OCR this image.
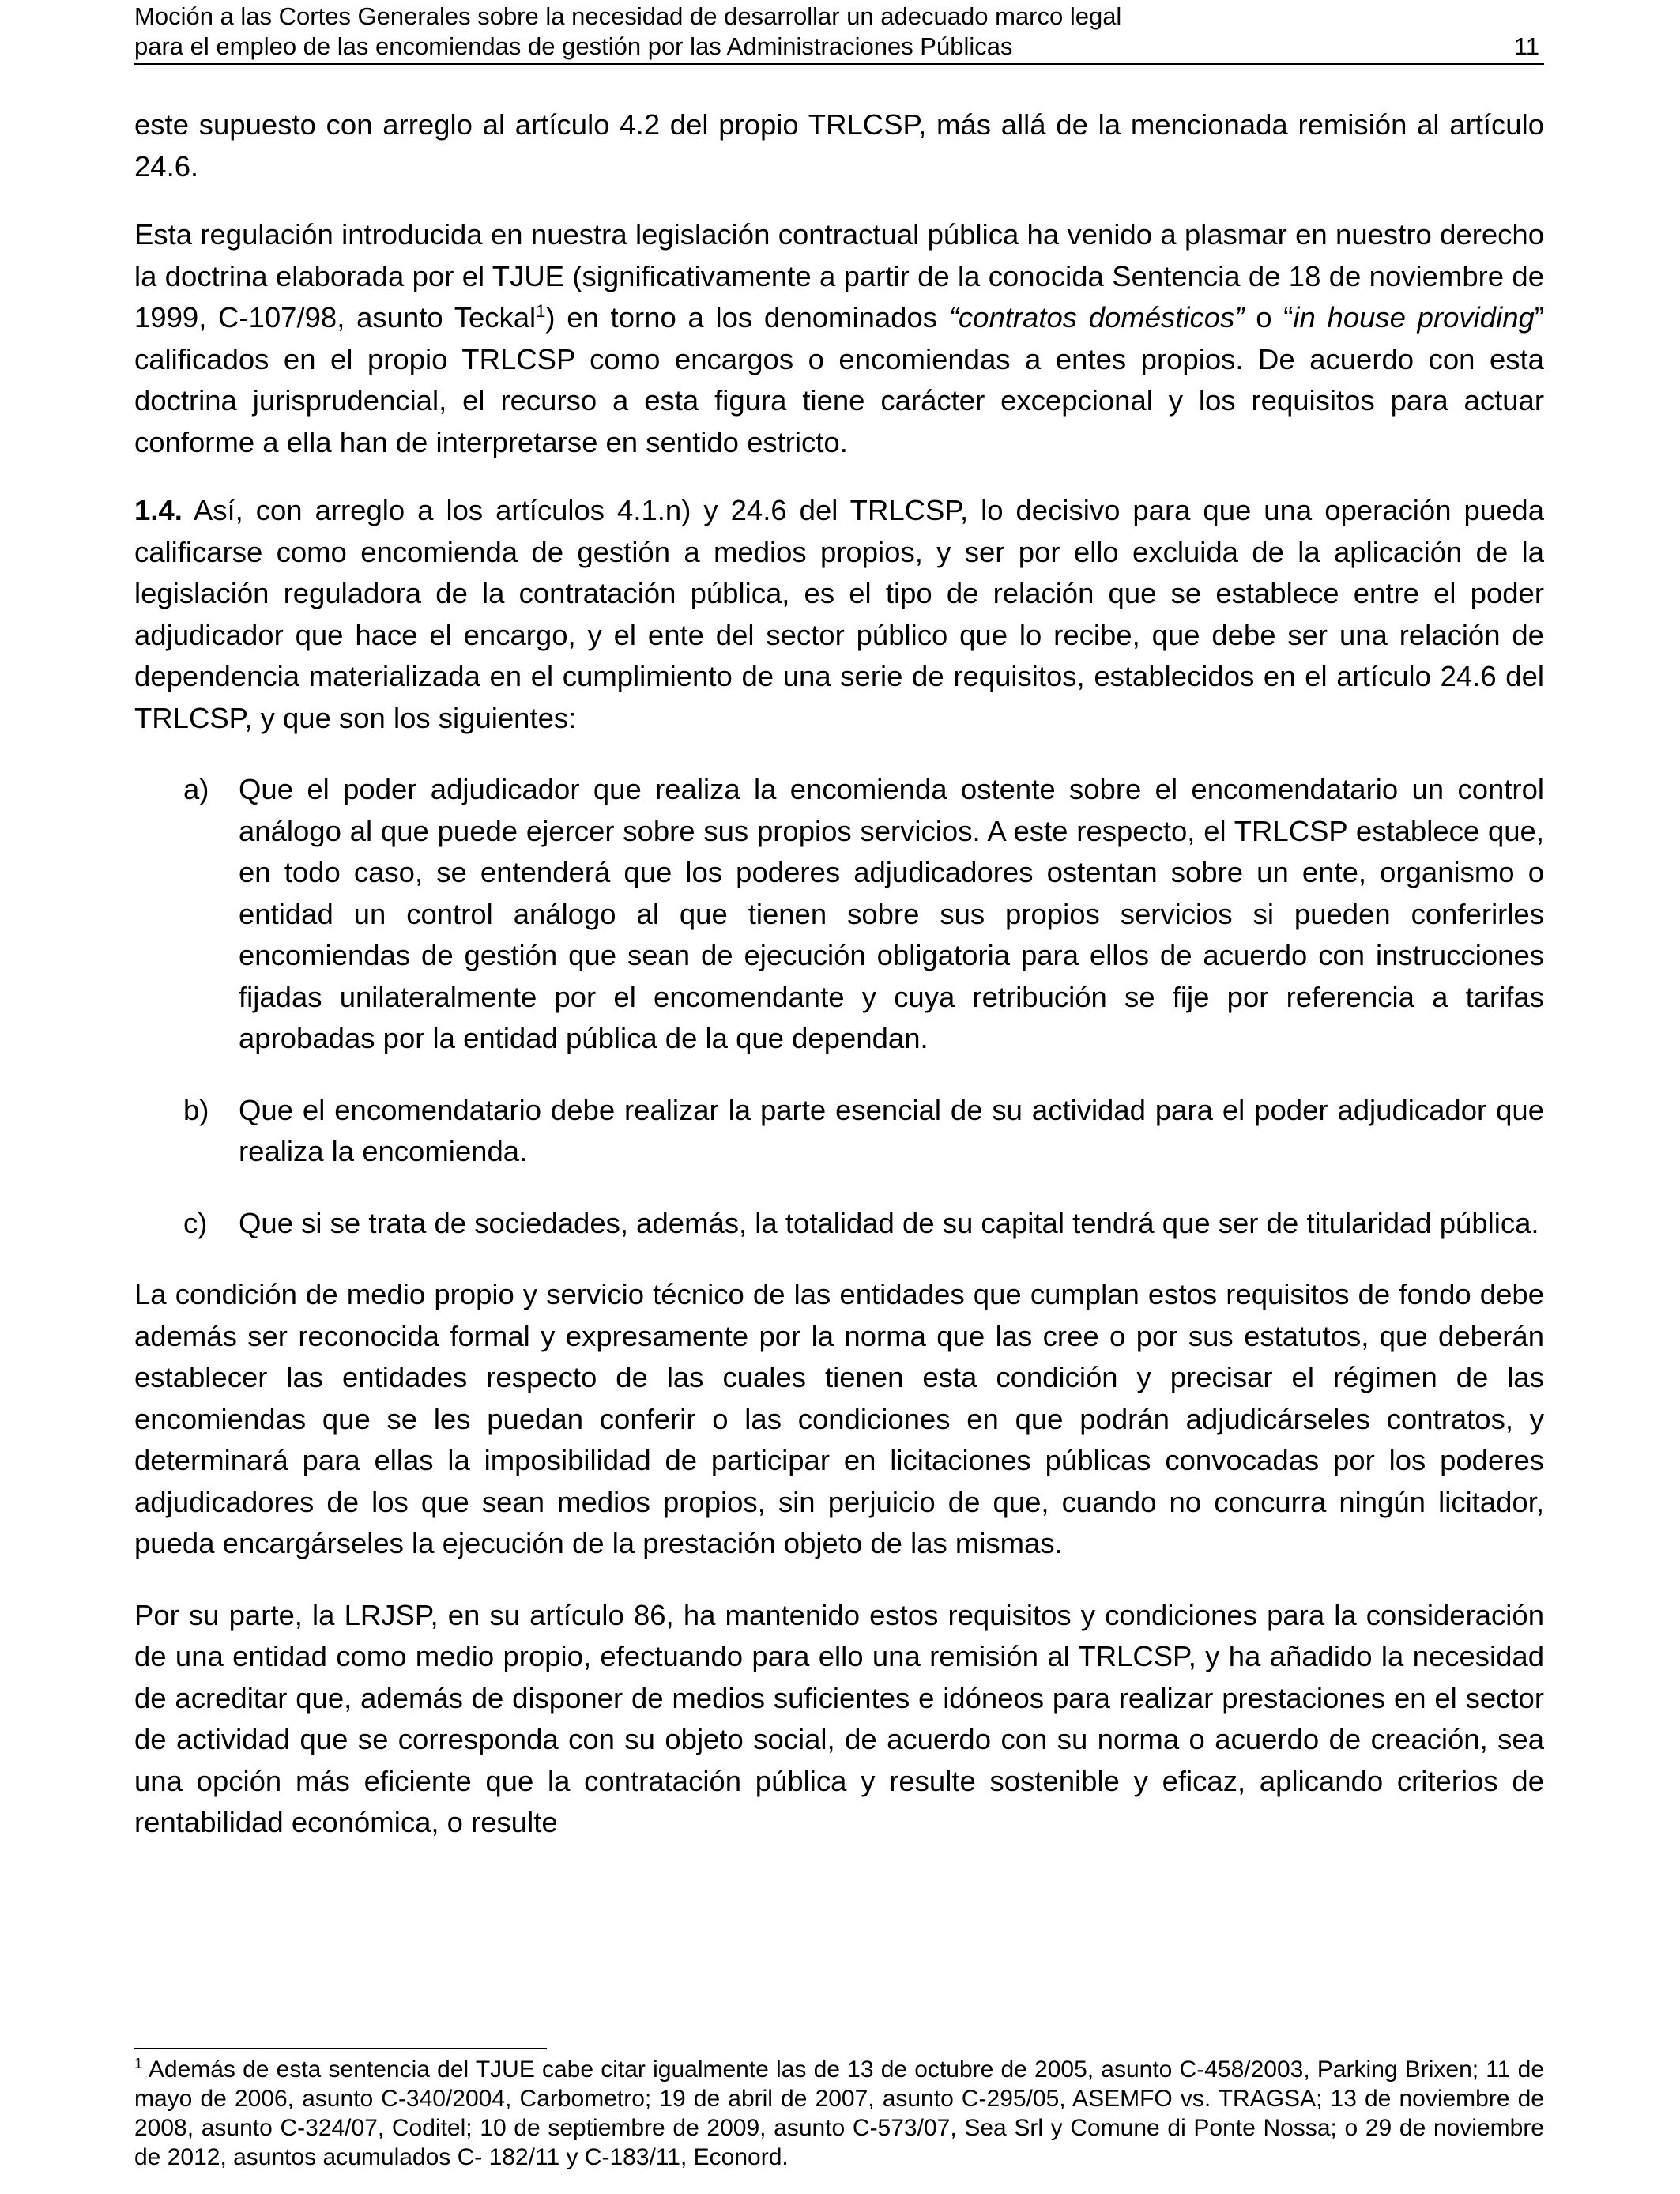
Moción a las Cortes Generales sobre la necesidad de desarrollar un adecuado marco legal
para el empleo de las encomiendas de gestión por las Administraciones Públicas	11

este supuesto con arreglo al artículo 4.2 del propio TRLCSP, más allá de la mencionada remisión al artículo 24.6.

Esta regulación introducida en nuestra legislación contractual pública ha venido a plasmar en nuestro derecho la doctrina elaborada por el TJUE (significativamente a partir de la conocida Sentencia de 18 de noviembre de 1999, C-107/98, asunto Teckal$^1$) en torno a los denominados “contratos domésticos” o “in house providing” calificados en el propio TRLCSP como encargos o encomiendas a entes propios. De acuerdo con esta doctrina jurisprudencial, el recurso a esta figura tiene carácter excepcional y los requisitos para actuar conforme a ella han de interpretarse en sentido estricto.

1.4. Así, con arreglo a los artículos 4.1.n) y 24.6 del TRLCSP, lo decisivo para que una operación pueda calificarse como encomienda de gestión a medios propios, y ser por ello excluida de la aplicación de la legislación reguladora de la contratación pública, es el tipo de relación que se establece entre el poder adjudicador que hace el encargo, y el ente del sector público que lo recibe, que debe ser una relación de dependencia materializada en el cumplimiento de una serie de requisitos, establecidos en el artículo 24.6 del TRLCSP, y que son los siguientes:

a) Que el poder adjudicador que realiza la encomienda ostente sobre el encomendatario un control análogo al que puede ejercer sobre sus propios servicios. A este respecto, el TRLCSP establece que, en todo caso, se entenderá que los poderes adjudicadores ostentan sobre un ente, organismo o entidad un control análogo al que tienen sobre sus propios servicios si pueden conferirles encomiendas de gestión que sean de ejecución obligatoria para ellos de acuerdo con instrucciones fijadas unilateralmente por el encomendante y cuya retribución se fije por referencia a tarifas aprobadas por la entidad pública de la que dependan.
b) Que el encomendatario debe realizar la parte esencial de su actividad para el poder adjudicador que realiza la encomienda.
c) Que si se trata de sociedades, además, la totalidad de su capital tendrá que ser de titularidad pública.

La condición de medio propio y servicio técnico de las entidades que cumplan estos requisitos de fondo debe además ser reconocida formal y expresamente por la norma que las cree o por sus estatutos, que deberán establecer las entidades respecto de las cuales tienen esta condición y precisar el régimen de las encomiendas que se les puedan conferir o las condiciones en que podrán adjudicárseles contratos, y determinará para ellas la imposibilidad de participar en licitaciones públicas convocadas por los poderes adjudicadores de los que sean medios propios, sin perjuicio de que, cuando no concurra ningún licitador, pueda encargárseles la ejecución de la prestación objeto de las mismas.

Por su parte, la LRJSP, en su artículo 86, ha mantenido estos requisitos y condiciones para la consideración de una entidad como medio propio, efectuando para ello una remisión al TRLCSP, y ha añadido la necesidad de acreditar que, además de disponer de medios suficientes e idóneos para realizar prestaciones en el sector de actividad que se corresponda con su objeto social, de acuerdo con su norma o acuerdo de creación, sea una opción más eficiente que la contratación pública y resulte sostenible y eficaz, aplicando criterios de rentabilidad económica, o resulte

$^1$ Además de esta sentencia del TJUE cabe citar igualmente las de 13 de octubre de 2005, asunto C-458/2003, Parking Brixen; 11 de mayo de 2006, asunto C-340/2004, Carbometro; 19 de abril de 2007, asunto C-295/05, ASEMFO vs. TRAGSA; 13 de noviembre de 2008, asunto C-324/07, Coditel; 10 de septiembre de 2009, asunto C-573/07, Sea Srl y Comune di Ponte Nossa; o 29 de noviembre de 2012, asuntos acumulados C- 182/11 y C-183/11, Econord.
